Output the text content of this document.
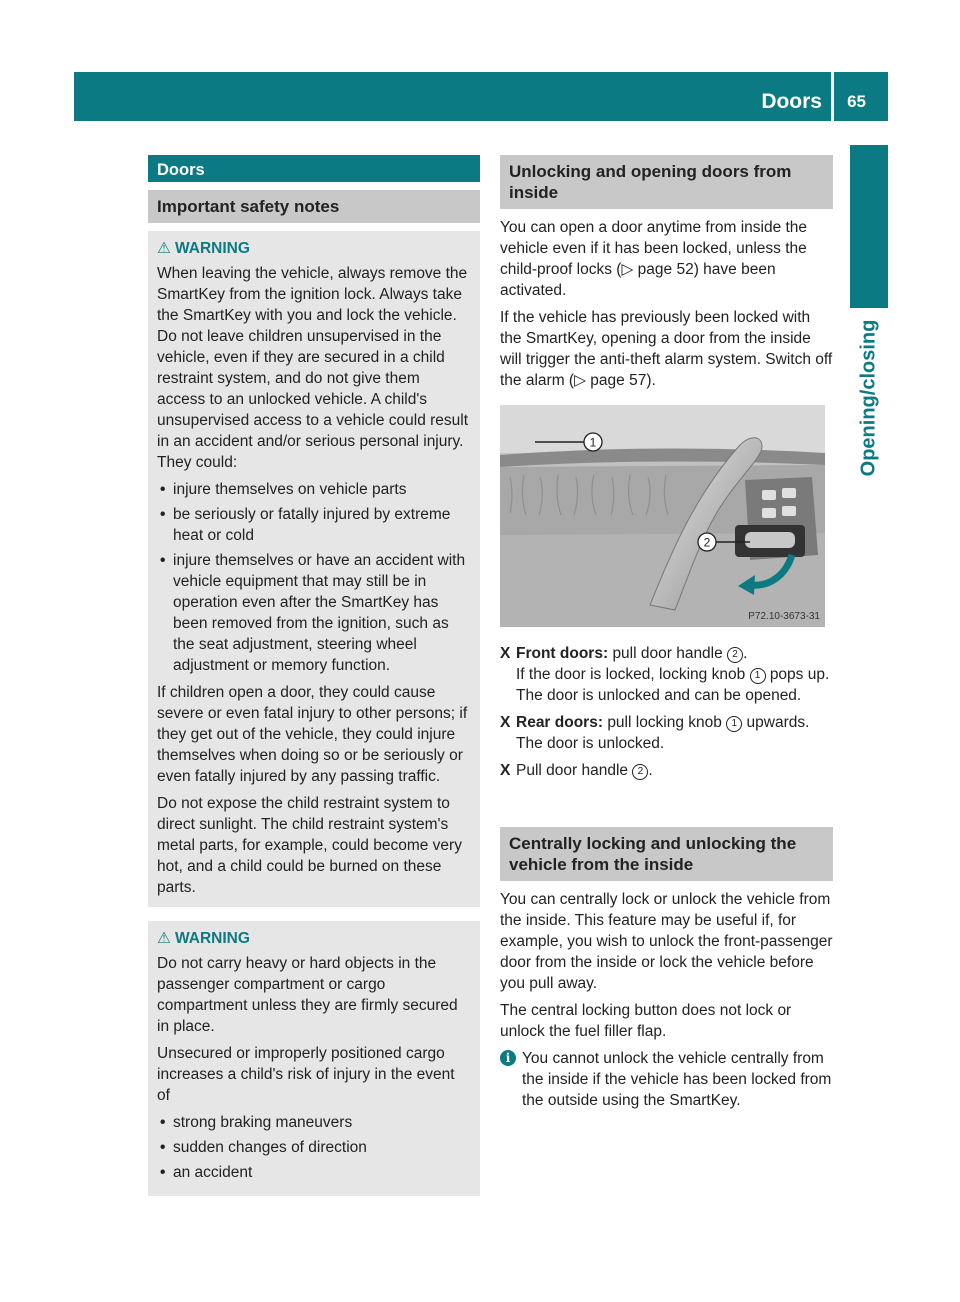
Doors 65
Opening/closing
Doors
Important safety notes
⚠ WARNING

When leaving the vehicle, always remove the SmartKey from the ignition lock. Always take the SmartKey with you and lock the vehicle. Do not leave children unsupervised in the vehicle, even if they are secured in a child restraint system, and do not give them access to an unlocked vehicle. A child's unsupervised access to a vehicle could result in an accident and/or serious personal injury. They could:

• injure themselves on vehicle parts
• be seriously or fatally injured by extreme heat or cold
• injure themselves or have an accident with vehicle equipment that may still be in operation even after the SmartKey has been removed from the ignition, such as the seat adjustment, steering wheel adjustment or memory function.

If children open a door, they could cause severe or even fatal injury to other persons; if they get out of the vehicle, they could injure themselves when doing so or be seriously or even fatally injured by any passing traffic.

Do not expose the child restraint system to direct sunlight. The child restraint system's metal parts, for example, could become very hot, and a child could be burned on these parts.

⚠ WARNING

Do not carry heavy or hard objects in the passenger compartment or cargo compartment unless they are firmly secured in place.

Unsecured or improperly positioned cargo increases a child's risk of injury in the event of

• strong braking maneuvers
• sudden changes of direction
• an accident
Unlocking and opening doors from inside

You can open a door anytime from inside the vehicle even if it has been locked, unless the child-proof locks (▷ page 52) have been activated.

If the vehicle has previously been locked with the SmartKey, opening a door from the inside will trigger the anti-theft alarm system. Switch off the alarm (▷ page 57).

1
2
P72.10-3673-31
X Front doors: pull door handle 2 .

If the door is locked, locking knob 1 pops up. The door is unlocked and can be opened.

X Rear doors: pull locking knob 1 upwards.

The door is unlocked.

X Pull door handle 2 .
Centrally locking and unlocking the vehicle from the inside

You can centrally lock or unlock the vehicle from the inside. This feature may be useful if, for example, you wish to unlock the front-passenger door from the inside or lock the vehicle before you pull away.

The central locking button does not lock or unlock the fuel filler flap.

i You cannot unlock the vehicle centrally from the inside if the vehicle has been locked from the outside using the SmartKey.
